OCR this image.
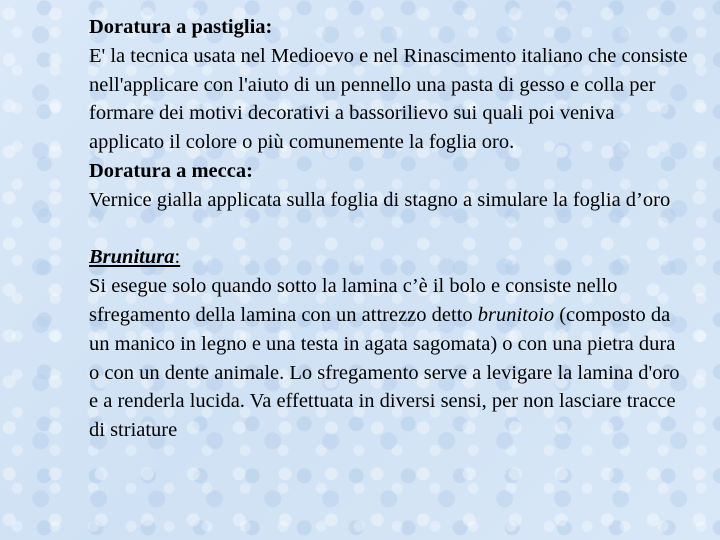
Doratura a pastiglia:

E' la tecnica usata nel Medioevo e nel Rinascimento italiano che consiste nell'applicare con l'aiuto di un pennello una pasta di gesso e colla per formare dei motivi decorativi a bassorilievo sui quali poi veniva applicato il colore o più comunemente la foglia oro.

Doratura a mecca:

Vernice gialla applicata sulla foglia di stagno a simulare la foglia d’oro

Brunitura:

Si esegue solo quando sotto la lamina c’è il bolo e consiste nello sfregamento della lamina con un attrezzo detto brunitoio (composto da un manico in legno e una testa in agata sagomata) o con una pietra dura o con un dente animale. Lo sfregamento serve a levigare la lamina d'oro e a renderla lucida. Va effettuata in diversi sensi, per non lasciare tracce di striature
